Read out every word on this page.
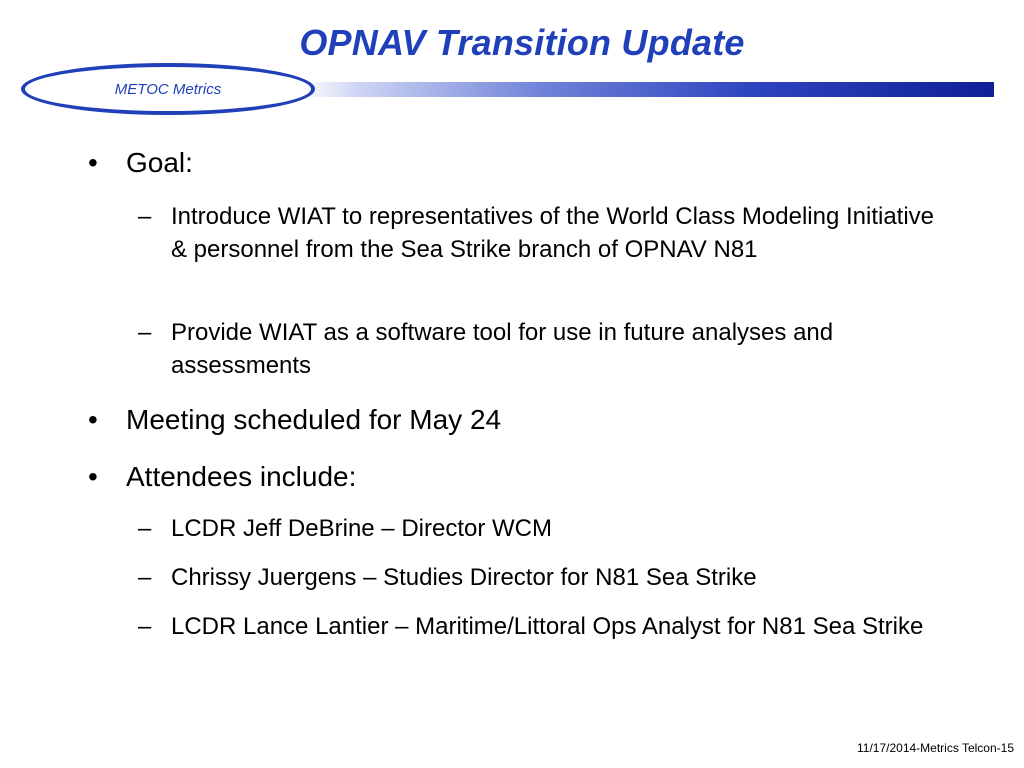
OPNAV Transition Update
METOC Metrics
• Goal:
– Introduce WIAT to representatives of the World Class Modeling Initiative & personnel from the Sea Strike branch of OPNAV N81
– Provide WIAT as a software tool for use in future analyses and assessments
• Meeting scheduled for May 24
• Attendees include:
– LCDR Jeff DeBrine – Director WCM
– Chrissy Juergens – Studies Director for N81 Sea Strike
– LCDR Lance Lantier – Maritime/Littoral Ops Analyst for N81 Sea Strike
11/17/2014-Metrics Telcon-15
